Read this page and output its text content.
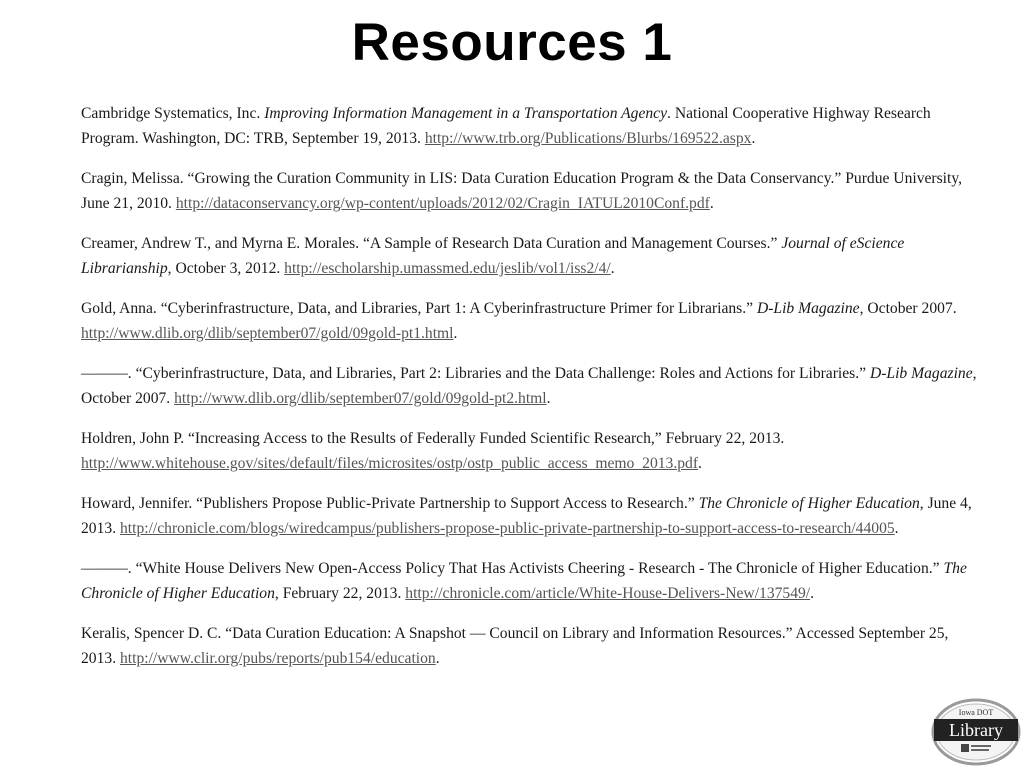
Resources 1

Cambridge Systematics, Inc. Improving Information Management in a Transportation Agency. National Cooperative Highway Research Program. Washington, DC: TRB, September 19, 2013. http://www.trb.org/Publications/Blurbs/169522.aspx.

Cragin, Melissa. “Growing the Curation Community in LIS: Data Curation Education Program & the Data Conservancy.” Purdue University, June 21, 2010. http://dataconservancy.org/wp-content/uploads/2012/02/Cragin_IATUL2010Conf.pdf.

Creamer, Andrew T., and Myrna E. Morales. “A Sample of Research Data Curation and Management Courses.” Journal of eScience Librarianship, October 3, 2012. http://escholarship.umassmed.edu/jeslib/vol1/iss2/4/.

Gold, Anna. “Cyberinfrastructure, Data, and Libraries, Part 1: A Cyberinfrastructure Primer for Librarians.” D-Lib Magazine, October 2007. http://www.dlib.org/dlib/september07/gold/09gold-pt1.html.

———. “Cyberinfrastructure, Data, and Libraries, Part 2: Libraries and the Data Challenge: Roles and Actions for Libraries.” D-Lib Magazine, October 2007. http://www.dlib.org/dlib/september07/gold/09gold-pt2.html.

Holdren, John P. “Increasing Access to the Results of Federally Funded Scientific Research,” February 22, 2013. http://www.whitehouse.gov/sites/default/files/microsites/ostp/ostp_public_access_memo_2013.pdf.

Howard, Jennifer. “Publishers Propose Public-Private Partnership to Support Access to Research.” The Chronicle of Higher Education, June 4, 2013. http://chronicle.com/blogs/wiredcampus/publishers-propose-public-private-partnership-to-support-access-to-research/44005.

———. “White House Delivers New Open-Access Policy That Has Activists Cheering - Research - The Chronicle of Higher Education.” The Chronicle of Higher Education, February 22, 2013. http://chronicle.com/article/White-House-Delivers-New/137549/.

Keralis, Spencer D. C. “Data Curation Education: A Snapshot — Council on Library and Information Resources.” Accessed September 25, 2013. http://www.clir.org/pubs/reports/pub154/education.

Iowa DOT
Library
